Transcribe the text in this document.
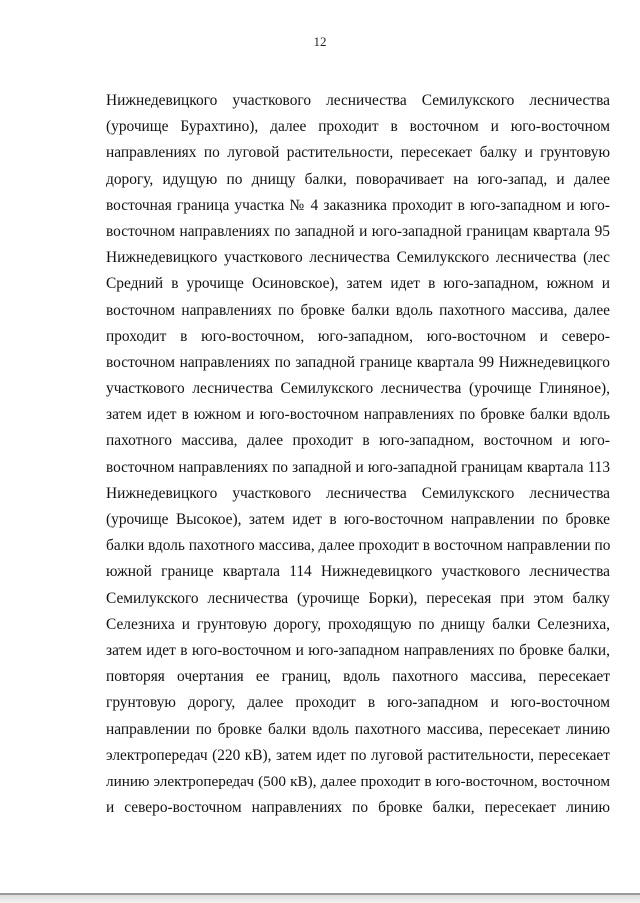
12
Нижнедевицкого участкового лесничества Семилукского лесничества
(урочище Бурахтино), далее проходит в восточном и юго-восточном
направлениях по луговой растительности, пересекает балку и грунтовую
дорогу, идущую по днищу балки, поворачивает на юго-запад, и далее
восточная граница участка № 4 заказника проходит в юго-западном и юго-
восточном направлениях по западной и юго-западной границам квартала 95
Нижнедевицкого участкового лесничества Семилукского лесничества (лес
Средний в урочище Осиновское), затем идет в юго-западном, южном и
восточном направлениях по бровке балки вдоль пахотного массива, далее
проходит в юго-восточном, юго-западном, юго-восточном и северо-
восточном направлениях по западной границе квартала 99 Нижнедевицкого
участкового лесничества Семилукского лесничества (урочище Глиняное),
затем идет в южном и юго-восточном направлениях по бровке балки вдоль
пахотного массива, далее проходит в юго-западном, восточном и юго-
восточном направлениях по западной и юго-западной границам квартала 113
Нижнедевицкого участкового лесничества Семилукского лесничества
(урочище Высокое), затем идет в юго-восточном направлении по бровке
балки вдоль пахотного массива, далее проходит в восточном направлении по
южной границе квартала 114 Нижнедевицкого участкового лесничества
Семилукского лесничества (урочище Борки), пересекая при этом балку
Селезниха и грунтовую дорогу, проходящую по днищу балки Селезниха,
затем идет в юго-восточном и юго-западном направлениях по бровке балки,
повторяя очертания ее границ, вдоль пахотного массива, пересекает
грунтовую дорогу, далее проходит в юго-западном и юго-восточном
направлении по бровке балки вдоль пахотного массива, пересекает линию
электропередач (220 кВ), затем идет по луговой растительности, пересекает
линию электропередач (500 кВ), далее проходит в юго-восточном, восточном
и северо-восточном направлениях по бровке балки, пересекает линию
